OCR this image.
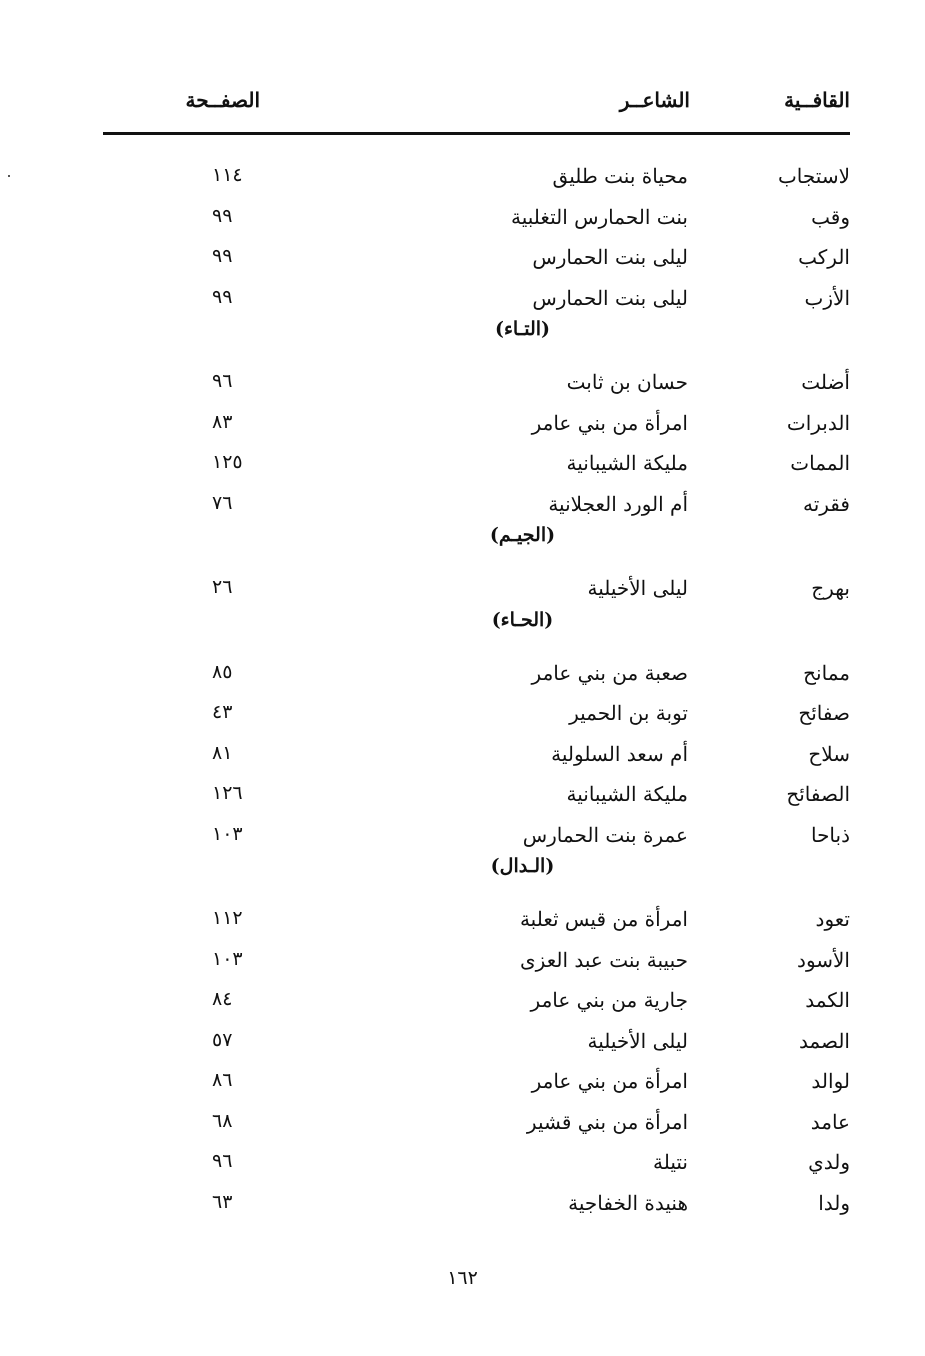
القافــية
الشاعــر
الصفــحة
لاستجاب
محياة بنت طليق
١١٤
وقب
بنت الحمارس التغلبية
٩٩
الركب
ليلى بنت الحمارس
٩٩
الأزب
ليلى بنت الحمارس
٩٩
(التـاء)
أضلت
حسان بن ثابت
٩٦
الدبرات
امرأة من بني عامر
٨٣
الممات
مليكة الشيبانية
١٢٥
فقرته
أم الورد العجلانية
٧٦
(الجيـم)
بهرج
ليلى الأخيلية
٢٦
(الحـاء)
ممانح
صعبة من بني عامر
٨٥
صفائح
توبة بن الحمير
٤٣
سلاح
أم سعد السلولية
٨١
الصفائح
مليكة الشيبانية
١٢٦
ذباحا
عمرة بنت الحمارس
١٠٣
(الـدال)
تعود
امرأة من قيس ثعلبة
١١٢
الأسود
حبيبة بنت عبد العزى
١٠٣
الكمد
جارية من بني عامر
٨٤
الصمد
ليلى الأخيلية
٥٧
لوالد
امرأة من بني عامر
٨٦
عامد
امرأة من بني قشير
٦٨
ولدي
نتيلة
٩٦
ولدا
هنيدة الخفاجية
٦٣
١٦٢
